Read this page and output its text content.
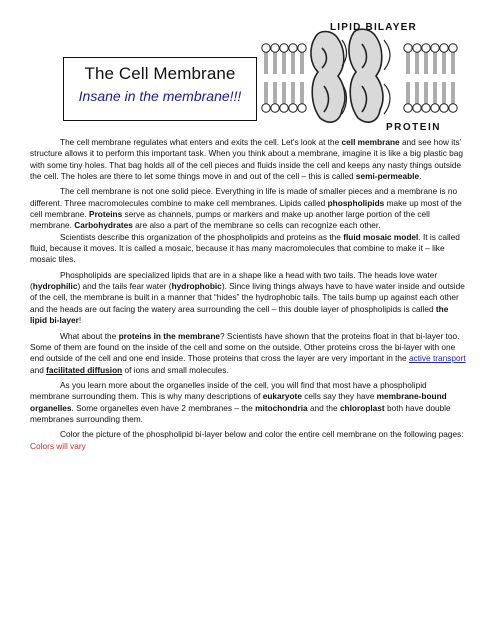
The Cell Membrane
Insane in the membrane!!!
LIPID BILAYER
PROTEIN

The cell membrane regulates what enters and exits the cell. Let's look at the cell membrane and see how its’ structure allows it to perform this important task. When you think about a membrane, imagine it is like a big plastic bag with some tiny holes. That bag holds all of the cell pieces and fluids inside the cell and keeps any nasty things outside the cell. The holes are there to let some things move in and out of the cell – this is called semi-permeable.

The cell membrane is not one solid piece. Everything in life is made of smaller pieces and a membrane is no different. Three macromolecules combine to make cell membranes. Lipids called phospholipids make up most of the cell membrane. Proteins serve as channels, pumps or markers and make up another large portion of the cell membrane. Carbohydrates are also a part of the membrane so cells can recognize each other.

Scientists describe this organization of the phospholipids and proteins as the fluid mosaic model. It is called fluid, because it moves. It is called a mosaic, because it has many macromolecules that combine to make it – like mosaic tiles.

Phospholipids are specialized lipids that are in a shape like a head with two tails. The heads love water (hydrophilic) and the tails fear water (hydrophobic). Since living things always have to have water inside and outside of the cell, the membrane is built in a manner that “hides” the hydrophobic tails. The tails bump up against each other and the heads are out facing the watery area surrounding the cell – this double layer of phospholipids is called the lipid bi-layer!

What about the proteins in the membrane? Scientists have shown that the proteins float in that bi-layer too. Some of them are found on the inside of the cell and some on the outside. Other proteins cross the bi-layer with one end outside of the cell and one end inside. Those proteins that cross the layer are very important in the active transport and facilitated diffusion of ions and small molecules.

As you learn more about the organelles inside of the cell, you will find that most have a phospholipid membrane surrounding them. This is why many descriptions of eukaryote cells say they have membrane-bound organelles. Some organelles even have 2 membranes – the mitochondria and the chloroplast both have double membranes surrounding them.

Color the picture of the phospholipid bi-layer below and color the entire cell membrane on the following pages: Colors will vary
